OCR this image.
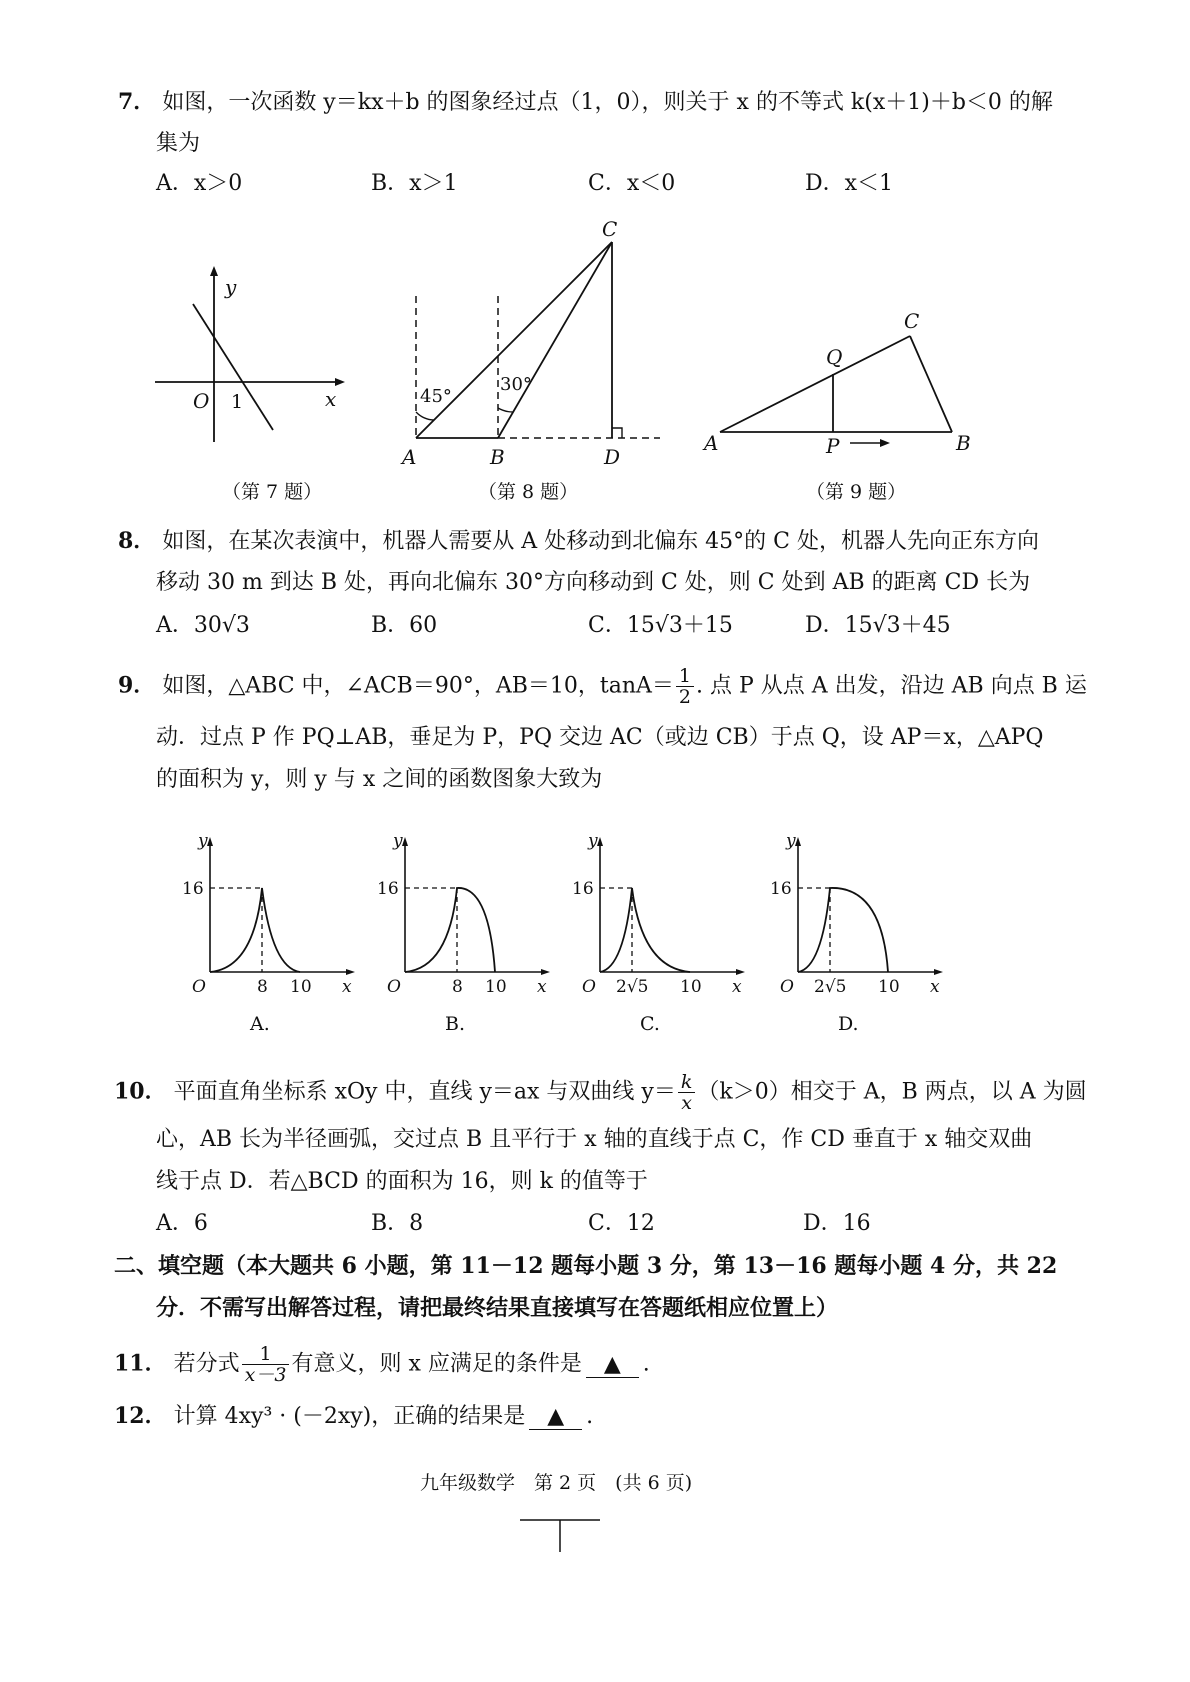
7． 如图，一次函数 y＝kx＋b 的图象经过点（1，0），则关于 x 的不等式 k(x＋1)＋b＜0 的解
集为
A．x＞0	B．x＞1	C．x＜0	D．x＜1
y
x
O 1
（第 7 题）
45°
30°
A	B
C
D
（第 8 题）
A	B
C
P
Q
（第 9 题）
8． 如图，在某次表演中，机器人需要从 A 处移动到北偏东 45°的 C 处，机器人先向正东方向
移动 30 m 到达 B 处，再向北偏东 30°方向移动到 C 处，则 C 处到 AB 的距离 CD 长为
A．30√3	B．60	C．15√3＋15	D．15√3＋45
9． 如图，△ABC 中，∠ACB＝90°，AB＝10，$\tan A= \frac{1}{2}$ . 点 P 从点 A 出发，沿边 AB 向点 B 运
动．过点 P 作 PQ⊥AB，垂足为 P，PQ 交边 AC（或边 CB）于点 Q，设 AP＝x，△APQ
的面积为 y，则 y 与 x 之间的函数图象大致为
y
x
O
16
8 10
A.
y
x
O
16
8 10
B.
y
x
O
16
2√5 10
C.
y
x
O
16
2√5 10
D.
10． 平面直角坐标系 xOy 中，直线 y＝ax 与双曲线 $y= \frac{k}{x} (k>0)$相交于 A，B 两点，以 A 为圆
心，AB 长为半径画弧，交过点 B 且平行于 x 轴的直线于点 C，作 CD 垂直于 x 轴交双曲
线于点 D．若△BCD 的面积为 16，则 k 的值等于
A．6	B．8	C．12	D．16
二、填空题（本大题共 6 小题，第 11－12 题每小题 3 分，第 13－16 题每小题 4 分，共 22
分．不需写出解答过程，请把最终结果直接填写在答题纸相应位置上）
11． 若分式 $\frac{1}{x-3}$ 有意义，则 x 应满足的条件是 ▲ .
12． 计算 4xy³ · (－2xy)，正确的结果是 ▲ .
九年级数学　第 2 页　(共 6 页)
